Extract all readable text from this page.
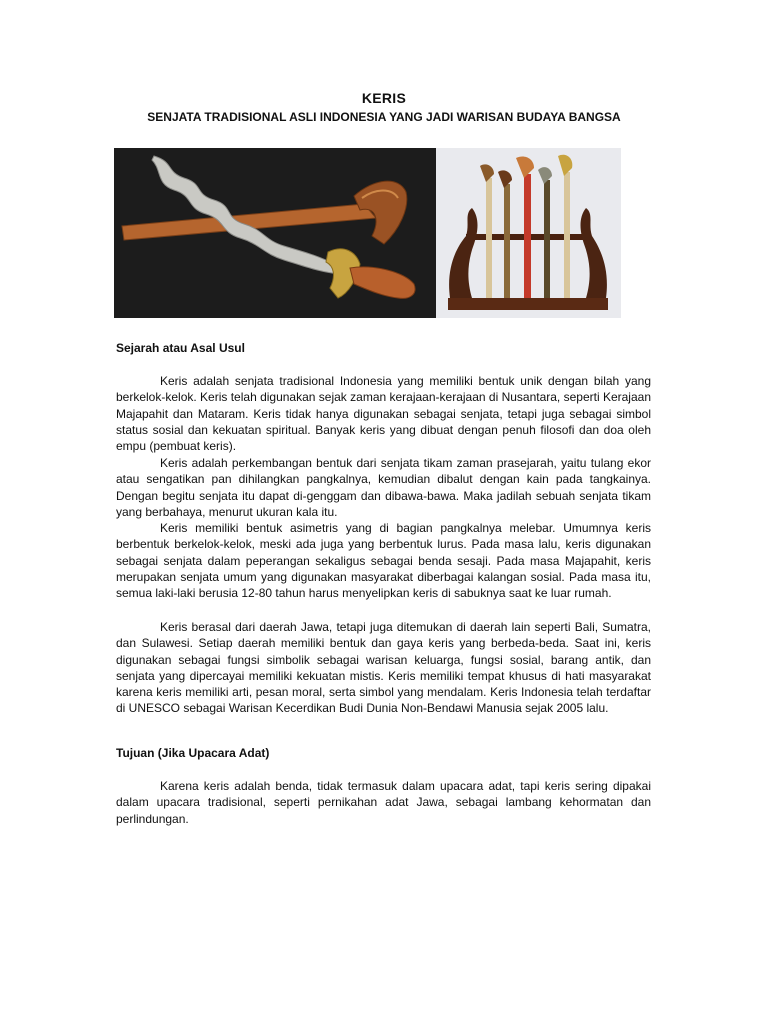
KERIS
SENJATA TRADISIONAL ASLI INDONESIA YANG JADI WARISAN BUDAYA BANGSA
Sejarah atau Asal Usul

Keris adalah senjata tradisional Indonesia yang memiliki bentuk unik dengan bilah yang berkelok-kelok. Keris telah digunakan sejak zaman kerajaan-kerajaan di Nusantara, seperti Kerajaan Majapahit dan Mataram. Keris tidak hanya digunakan sebagai senjata, tetapi juga sebagai simbol status sosial dan kekuatan spiritual. Banyak keris yang dibuat dengan penuh filosofi dan doa oleh empu (pembuat keris).

Keris adalah perkembangan bentuk dari senjata tikam zaman prasejarah, yaitu tulang ekor atau sengatikan pan dihilangkan pangkalnya, kemudian dibalut dengan kain pada tangkainya. Dengan begitu senjata itu dapat di-genggam dan dibawa-bawa. Maka jadilah sebuah senjata tikam yang berbahaya, menurut ukuran kala itu.

Keris memiliki bentuk asimetris yang di bagian pangkalnya melebar. Umumnya keris berbentuk berkelok-kelok, meski ada juga yang berbentuk lurus. Pada masa lalu, keris digunakan sebagai senjata dalam peperangan sekaligus sebagai benda sesaji. Pada masa Majapahit, keris merupakan senjata umum yang digunakan masyarakat diberbagai kalangan sosial. Pada masa itu, semua laki-laki berusia 12-80 tahun harus menyelipkan keris di sabuknya saat ke luar rumah.

Keris berasal dari daerah Jawa, tetapi juga ditemukan di daerah lain seperti Bali, Sumatra, dan Sulawesi. Setiap daerah memiliki bentuk dan gaya keris yang berbeda-beda. Saat ini, keris digunakan sebagai fungsi simbolik sebagai warisan keluarga, fungsi sosial, barang antik, dan senjata yang dipercayai memiliki kekuatan mistis. Keris memiliki tempat khusus di hati masyarakat karena keris memiliki arti, pesan moral, serta simbol yang mendalam. Keris Indonesia telah terdaftar di UNESCO sebagai Warisan Kecerdikan Budi Dunia Non-Bendawi Manusia sejak 2005 lalu.

Tujuan (Jika Upacara Adat)

Karena keris adalah benda, tidak termasuk dalam upacara adat, tapi keris sering dipakai dalam upacara tradisional, seperti pernikahan adat Jawa, sebagai lambang kehormatan dan perlindungan.
